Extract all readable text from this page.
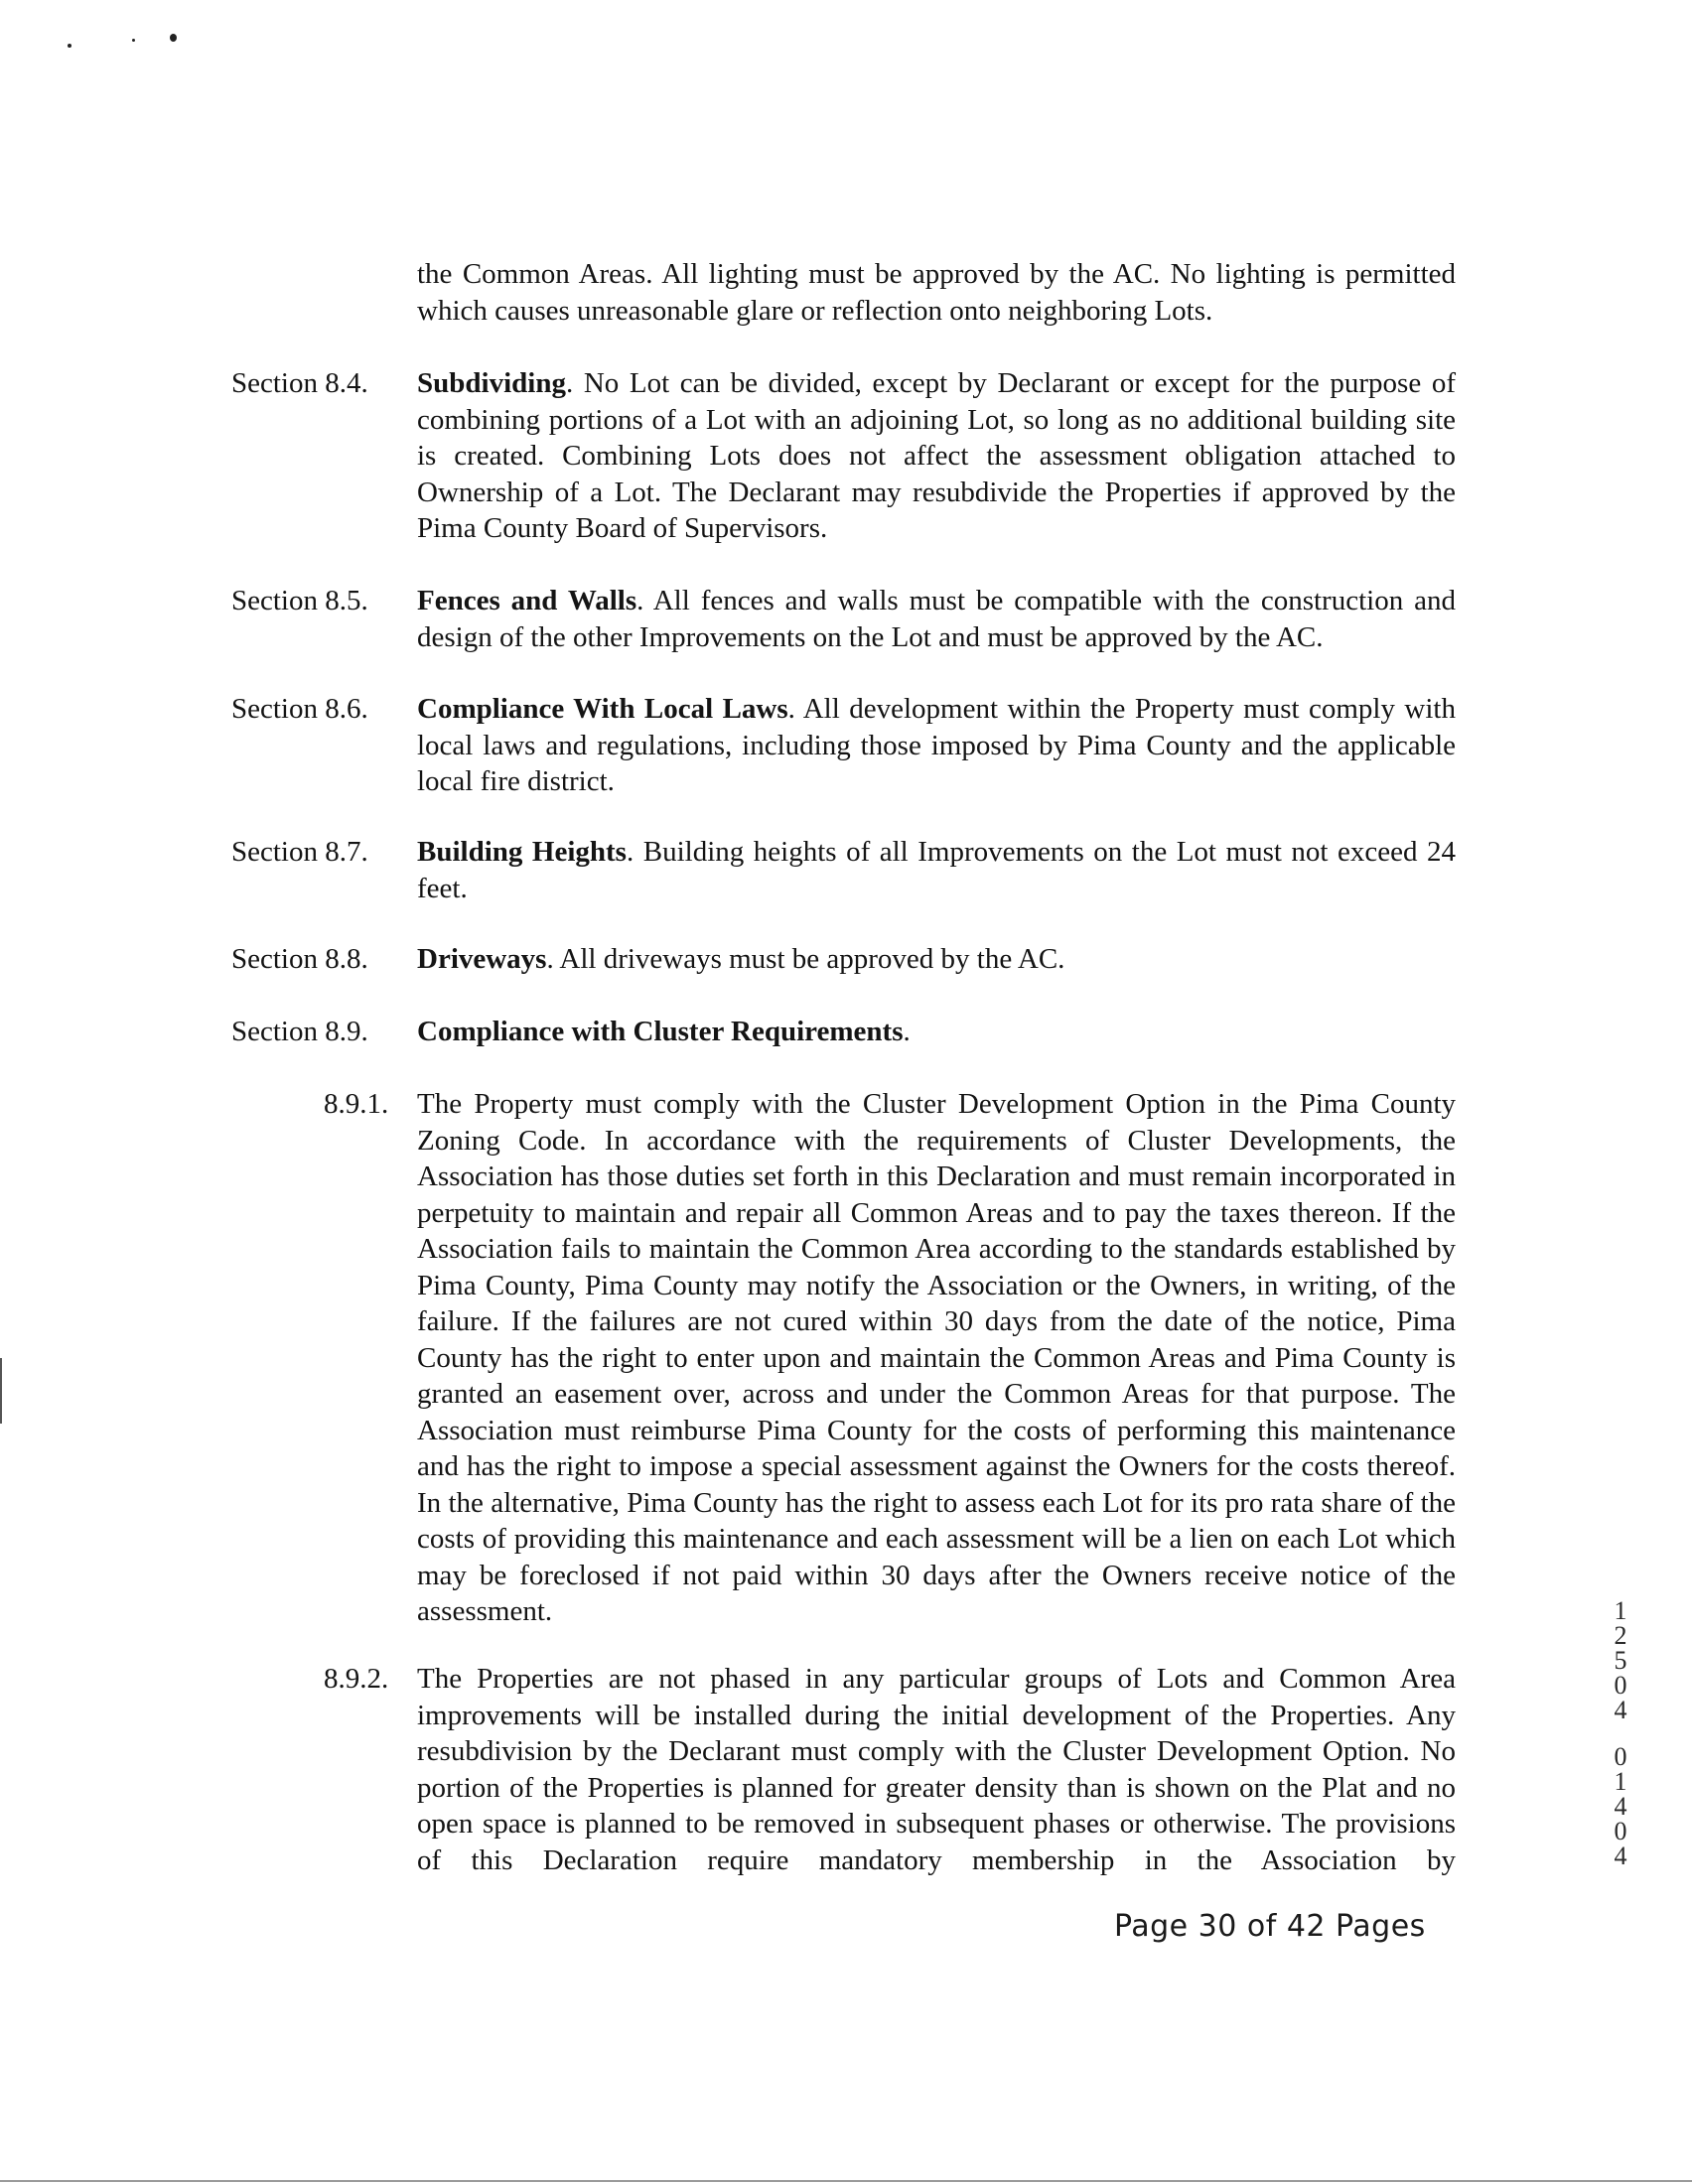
the Common Areas. All lighting must be approved by the AC. No lighting is permitted which causes unreasonable glare or reflection onto neighboring Lots.
Section 8.4. Subdividing. No Lot can be divided, except by Declarant or except for the purpose of combining portions of a Lot with an adjoining Lot, so long as no additional building site is created. Combining Lots does not affect the assessment obligation attached to Ownership of a Lot. The Declarant may resubdivide the Properties if approved by the Pima County Board of Supervisors.
Section 8.5. Fences and Walls. All fences and walls must be compatible with the construction and design of the other Improvements on the Lot and must be approved by the AC.
Section 8.6. Compliance With Local Laws. All development within the Property must comply with local laws and regulations, including those imposed by Pima County and the applicable local fire district.
Section 8.7. Building Heights. Building heights of all Improvements on the Lot must not exceed 24 feet.
Section 8.8. Driveways. All driveways must be approved by the AC.
Section 8.9. Compliance with Cluster Requirements.
8.9.1. The Property must comply with the Cluster Development Option in the Pima County Zoning Code. In accordance with the requirements of Cluster Developments, the Association has those duties set forth in this Declaration and must remain incorporated in perpetuity to maintain and repair all Common Areas and to pay the taxes thereon. If the Association fails to maintain the Common Area according to the standards established by Pima County, Pima County may notify the Association or the Owners, in writing, of the failure. If the failures are not cured within 30 days from the date of the notice, Pima County has the right to enter upon and maintain the Common Areas and Pima County is granted an easement over, across and under the Common Areas for that purpose. The Association must reimburse Pima County for the costs of performing this maintenance and has the right to impose a special assessment against the Owners for the costs thereof. In the alternative, Pima County has the right to assess each Lot for its pro rata share of the costs of providing this maintenance and each assessment will be a lien on each Lot which may be foreclosed if not paid within 30 days after the Owners receive notice of the assessment.
8.9.2. The Properties are not phased in any particular groups of Lots and Common Area improvements will be installed during the initial development of the Properties. Any resubdivision by the Declarant must comply with the Cluster Development Option. No portion of the Properties is planned for greater density than is shown on the Plat and no open space is planned to be removed in subsequent phases or otherwise. The provisions of this Declaration require mandatory membership in the Association by
Page 30 of 42 Pages
1
2
5
0
4
0
1
4
0
4
